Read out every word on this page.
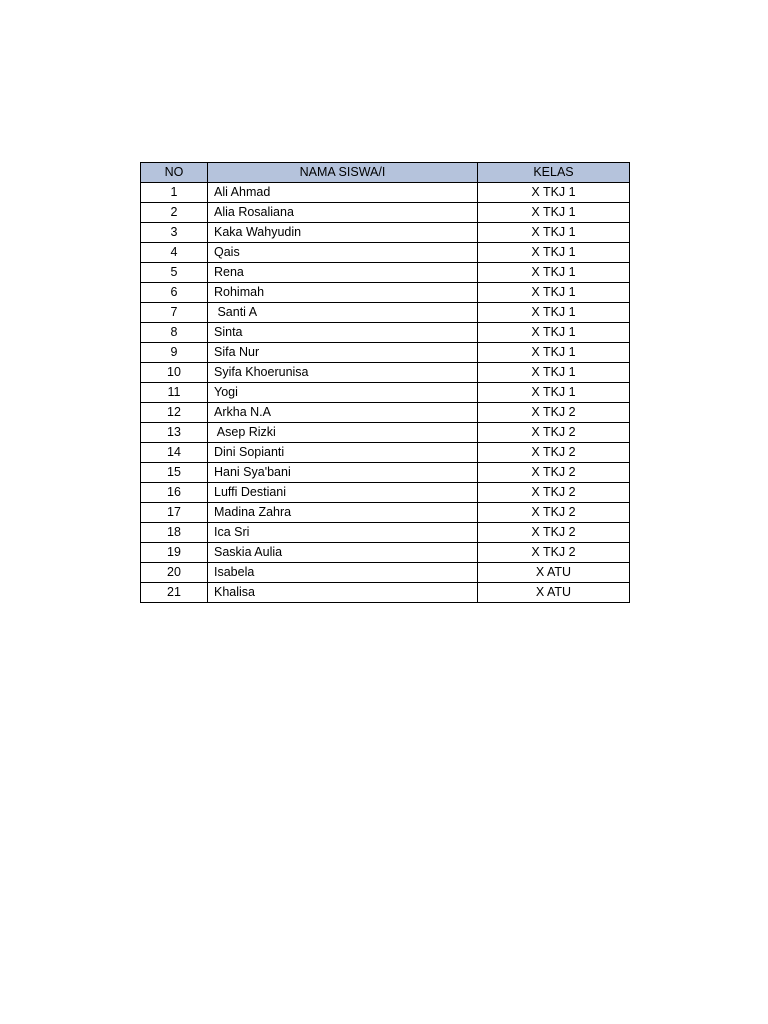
NO	NAMA SISWA/I	KELAS
1	Ali Ahmad	X TKJ 1
2	Alia Rosaliana	X TKJ 1
3	Kaka Wahyudin	X TKJ 1
4	Qais	X TKJ 1
5	Rena	X TKJ 1
6	Rohimah	X TKJ 1
7	Santi A	X TKJ 1
8	Sinta	X TKJ 1
9	Sifa Nur	X TKJ 1
10	Syifa Khoerunisa	X TKJ 1
11	Yogi	X TKJ 1
12	Arkha N.A	X TKJ 2
13	Asep Rizki	X TKJ 2
14	Dini Sopianti	X TKJ 2
15	Hani Sya'bani	X TKJ 2
16	Luffi Destiani	X TKJ 2
17	Madina Zahra	X TKJ 2
18	Ica Sri	X TKJ 2
19	Saskia Aulia	X TKJ 2
20	Isabela	X ATU
21	Khalisa	X ATU
